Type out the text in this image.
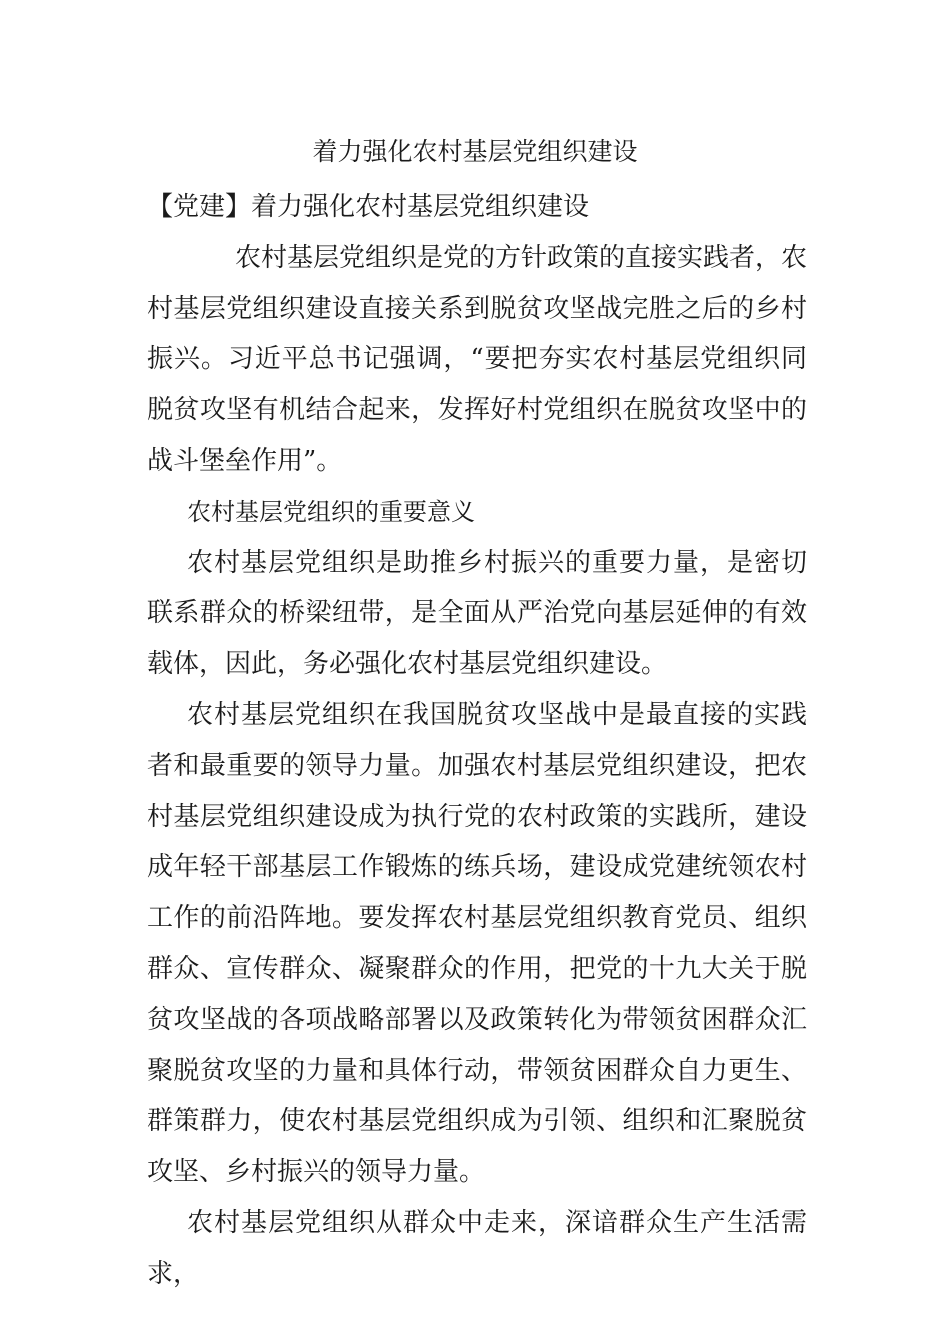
着力强化农村基层党组织建设

【党建】着力强化农村基层党组织建设

农村基层党组织是党的方针政策的直接实践者，农村基层党组织建设直接关系到脱贫攻坚战完胜之后的乡村振兴。习近平总书记强调，“要把夯实农村基层党组织同脱贫攻坚有机结合起来，发挥好村党组织在脱贫攻坚中的战斗堡垒作用”。

农村基层党组织的重要意义

农村基层党组织是助推乡村振兴的重要力量，是密切联系群众的桥梁纽带，是全面从严治党向基层延伸的有效载体，因此，务必强化农村基层党组织建设。

农村基层党组织在我国脱贫攻坚战中是最直接的实践者和最重要的领导力量。加强农村基层党组织建设，把农村基层党组织建设成为执行党的农村政策的实践所，建设成年轻干部基层工作锻炼的练兵场，建设成党建统领农村工作的前沿阵地。要发挥农村基层党组织教育党员、组织群众、宣传群众、凝聚群众的作用，把党的十九大关于脱贫攻坚战的各项战略部署以及政策转化为带领贫困群众汇聚脱贫攻坚的力量和具体行动，带领贫困群众自力更生、群策群力，使农村基层党组织成为引领、组织和汇聚脱贫攻坚、乡村振兴的领导力量。

农村基层党组织从群众中走来，深谙群众生产生活需求，
